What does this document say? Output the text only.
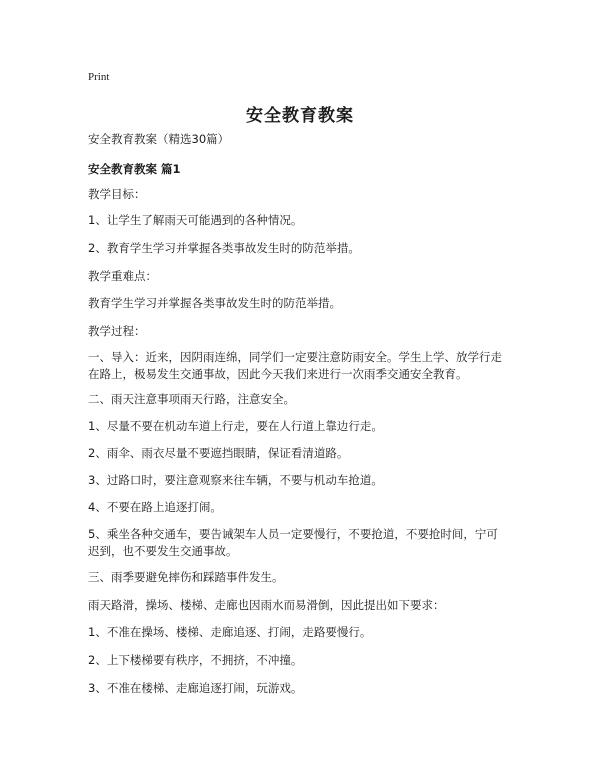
Print
安全教育教案
安全教育教案（精选30篇）
安全教育教案 篇1
教学目标：
1、让学生了解雨天可能遇到的各种情况。
2、教育学生学习并掌握各类事故发生时的防范举措。
教学重难点：
教育学生学习并掌握各类事故发生时的防范举措。
教学过程：
一、导入：近来，因阴雨连绵，同学们一定要注意防雨安全。学生上学、放学行走
在路上，极易发生交通事故，因此今天我们来进行一次雨季交通安全教育。
二、雨天注意事项雨天行路，注意安全。
1、尽量不要在机动车道上行走，要在人行道上靠边行走。
2、雨伞、雨衣尽量不要遮挡眼睛，保证看清道路。
3、过路口时，要注意观察来往车辆，不要与机动车抢道。
4、不要在路上追逐打闹。
5、乘坐各种交通车，要告诫架车人员一定要慢行，不要抢道，不要抢时间，宁可
迟到，也不要发生交通事故。
三、雨季要避免摔伤和踩踏事件发生。
雨天路滑，操场、楼梯、走廊也因雨水而易滑倒，因此提出如下要求：
1、不准在操场、楼梯、走廊追逐、打闹，走路要慢行。
2、上下楼梯要有秩序，不拥挤，不冲撞。
3、不准在楼梯、走廊追逐打闹，玩游戏。
